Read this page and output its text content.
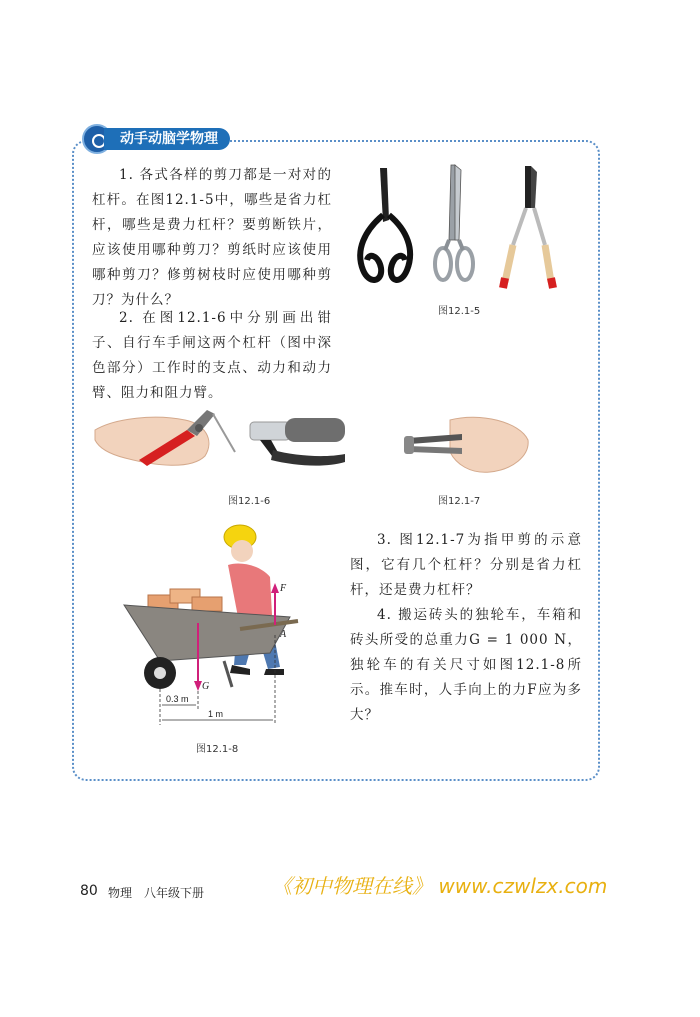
动手动脑学物理
1. 各式各样的剪刀都是一对对的杠杆。在图12.1-5中，哪些是省力杠杆，哪些是费力杠杆？要剪断铁片，应该使用哪种剪刀？剪纸时应该使用哪种剪刀？修剪树枝时应使用哪种剪刀？为什么？
2. 在图12.1-6中分别画出钳子、自行车手闸这两个杠杆（图中深色部分）工作时的支点、动力和动力臂、阻力和阻力臂。
3. 图12.1-7为指甲剪的示意图，它有几个杠杆？分别是省力杠杆，还是费力杠杆？
4. 搬运砖头的独轮车，车箱和砖头所受的总重力G = 1 000 N，独轮车的有关尺寸如图12.1-8所示。推车时，人手向上的力F应为多大？
图12.1-5
图12.1-6	图12.1-7
F
A
G
0.3 m
1 m
图12.1-8
80 物理　八年级下册	《初中物理在线》 www.czwlzx.com
